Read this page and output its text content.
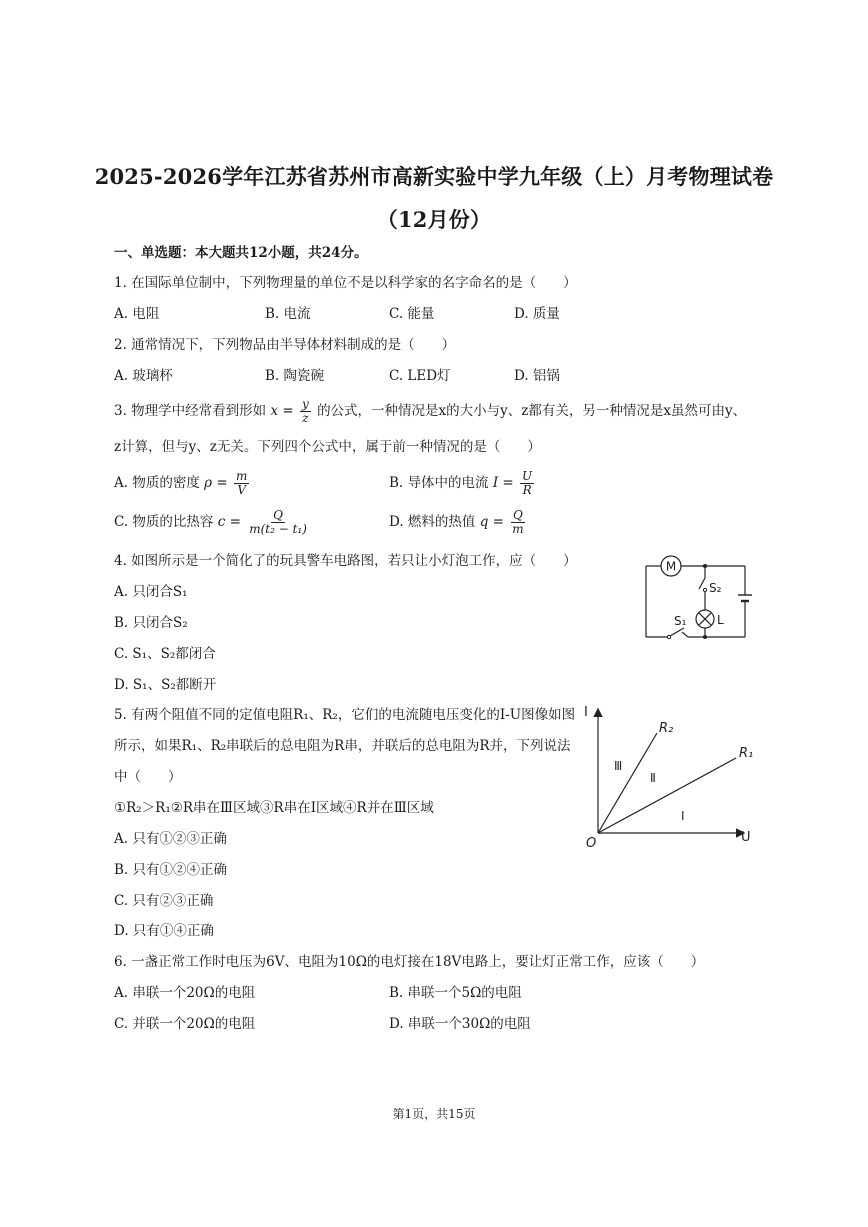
2025-2026学年江苏省苏州市高新实验中学九年级（上）月考物理试卷
（12月份）
一、单选题：本大题共12小题，共24分。
1. 在国际单位制中，下列物理量的单位不是以科学家的名字命名的是（　　）
A. 电阻	B. 电流	C. 能量	D. 质量
2. 通常情况下，下列物品由半导体材料制成的是（　　）
A. 玻璃杯	B. 陶瓷碗	C. LED灯	D. 铝锅
3. 物理学中经常看到形如 $x = \frac{y}{z}$ 的公式，一种情况是x的大小与y、z都有关，另一种情况是x虽然可由y、
z计算，但与y、z无关。下列四个公式中，属于前一种情况的是（　　）
A. 物质的密度 $\rho = \frac{m}{V}$	B. 导体中的电流 $I = \frac{U}{R}$
C. 物质的比热容 $c = \frac{Q}{\text{m(t₂ − t₁)}}$	D. 燃料的热值 $q = \frac{Q}{m}$
4. 如图所示是一个简化了的玩具警车电路图，若只让小灯泡工作，应（　　）
A. 只闭合S₁
B. 只闭合S₂
C. S₁、S₂都闭合
D. S₁、S₂都断开
M
L
S₂
S₁
5. 有两个阻值不同的定值电阻R₁、R₂，它们的电流随电压变化的I-U图像如图
所示，如果R₁、R₂串联后的总电阻为R串，并联后的总电阻为R并，下列说法
中（　　）
①R₂＞R₁②R串在Ⅲ区域③R串在Ⅰ区域④R并在Ⅲ区域
A. 只有①②③正确
B. 只有①②④正确
C. 只有②③正确
D. 只有①④正确
I
U
O
R₂
R₁
Ⅲ
Ⅱ
Ⅰ
6. 一盏正常工作时电压为6V、电阻为10Ω的电灯接在18V电路上，要让灯正常工作，应该（　　）
A. 串联一个20Ω的电阻	B. 串联一个5Ω的电阻
C. 并联一个20Ω的电阻	D. 串联一个30Ω的电阻
第1页，共15页
